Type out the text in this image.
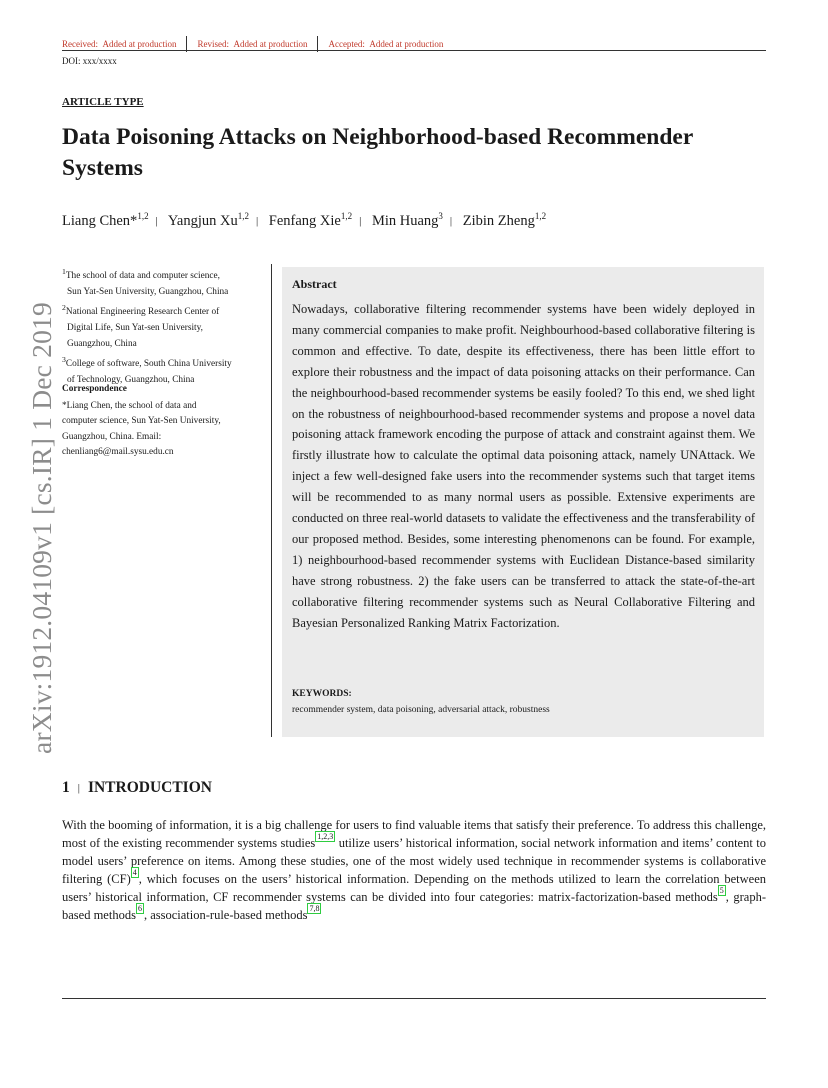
Received:  Added at production Revised:  Added at production Accepted:  Added at production
DOI: xxx/xxxx
ARTICLE TYPE
Data Poisoning Attacks on Neighborhood-based Recommender Systems
Liang Chen*$^{1,2}$ | Yangjun Xu$^{1,2}$ | Fenfang Xie$^{1,2}$ | Min Huang$^3$ | Zibin Zheng$^{1,2}$
arXiv:1912.04109v1 [cs.IR] 1 Dec 2019

$^1$The school of data and computer science,

Sun Yat-Sen University, Guangzhou, China

$^2$National Engineering Research Center of

Digital Life, Sun Yat-sen University,

Guangzhou, China

$^3$College of software, South China University

of Technology, Guangzhou, China

Correspondence
*Liang Chen, the school of data and
computer science, Sun Yat-Sen University,
Guangzhou, China. Email:
chenliang6@mail.sysu.edu.cn
Abstract
Nowadays, collaborative filtering recommender systems have been widely deployed in many commercial companies to make profit. Neighbourhood-based collaborative filtering is common and effective. To date, despite its effectiveness, there has been little effort to explore their robustness and the impact of data poisoning attacks on their performance. Can the neighbourhood-based recommender systems be easily fooled? To this end, we shed light on the robustness of neighbourhood-based recommender systems and propose a novel data poisoning attack framework encoding the purpose of attack and constraint against them. We firstly illustrate how to calculate the optimal data poisoning attack, namely UNAttack. We inject a few well-designed fake users into the recommender systems such that target items will be recommended to as many normal users as possible. Extensive experiments are conducted on three real-world datasets to validate the effectiveness and the transferability of our proposed method. Besides, some interesting phenomenons can be found. For example, 1) neighbourhood-based recommender systems with Euclidean Distance-based similarity have strong robustness. 2) the fake users can be transferred to attack the state-of-the-art collaborative filtering recommender systems such as Neural Collaborative Filtering and Bayesian Personalized Ranking Matrix Factorization.
KEYWORDS:
recommender system, data poisoning, adversarial attack, robustness
1 | INTRODUCTION
With the booming of information, it is a big challenge for users to find valuable items that satisfy their preference. To address this challenge, most of the existing recommender systems studies 1,2,3 utilize users’ historical information, social network information and items’ content to model users’ preference on items. Among these studies, one of the most widely used technique in recommender systems is collaborative filtering (CF) 4 , which focuses on the users’ historical information. Depending on the methods utilized to learn the correlation between users’ historical information, CF recommender systems can be divided into four categories: matrix-factorization-based methods 5 , graph-based methods 6 , association-rule-based methods 7,8
